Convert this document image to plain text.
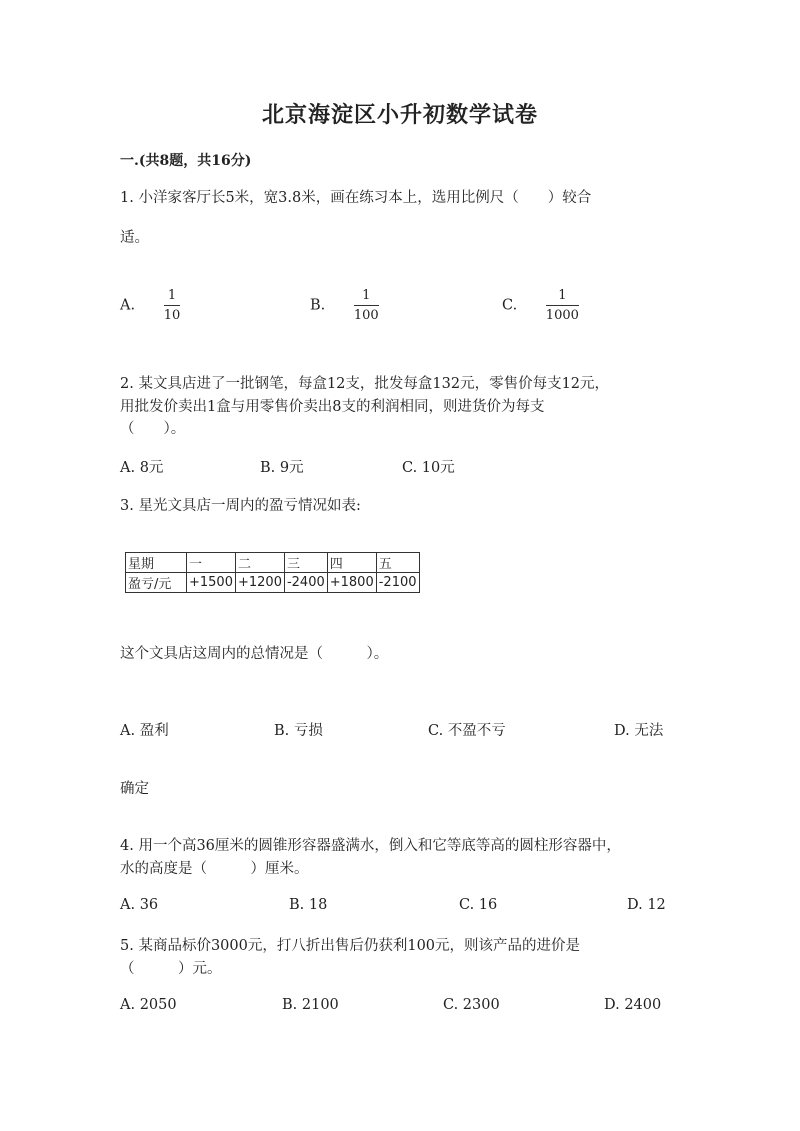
北京海淀区小升初数学试卷
一.(共8题，共16分)
1. 小洋家客厅长5米，宽3.8米，画在练习本上，选用比例尺（　　）较合
适。
A. $\frac{1}{10}$	B. $\frac{1}{100}$	C. $\frac{1}{1000}$
2. 某文具店进了一批钢笔，每盒12支，批发每盒132元，零售价每支12元，
用批发价卖出1盒与用零售价卖出8支的利润相同，则进货价为每支
（　　）。
A. 8元	B. 9元	C. 10元
3. 星光文具店一周内的盈亏情况如表:
星期	一	二	三	四	五
盈亏/元	+1500	+1200	-2400	+1800	-2100
这个文具店这周内的总情况是（　　　）。
A. 盈利	B. 亏损	C. 不盈不亏	D. 无法
确定
4. 用一个高36厘米的圆锥形容器盛满水，倒入和它等底等高的圆柱形容器中，
水的高度是（　　　）厘米。
A. 36	B. 18	C. 16	D. 12
5. 某商品标价3000元，打八折出售后仍获利100元，则该产品的进价是
（　　　）元。
A. 2050	B. 2100	C. 2300	D. 2400
